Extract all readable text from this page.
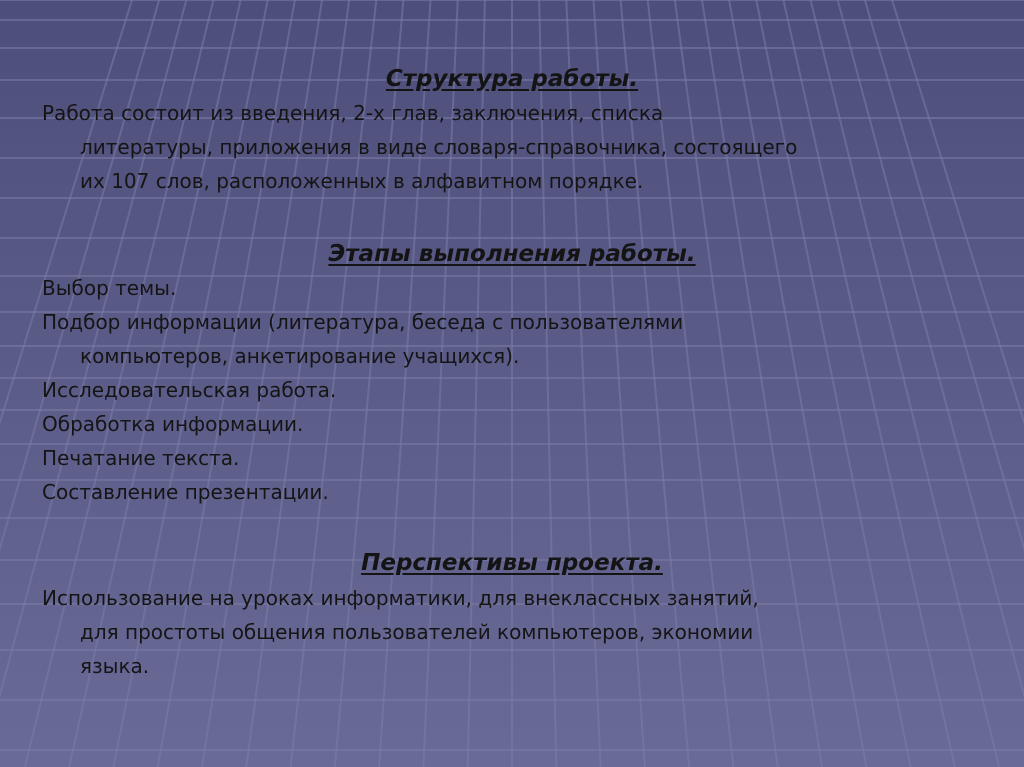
Структура работы.
Работа состоит из введения, 2-х глав, заключения, списка
литературы, приложения в виде словаря-справочника, состоящего
их 107 слов, расположенных в алфавитном порядке.
Этапы выполнения работы.
Выбор темы.
Подбор информации (литература, беседа с пользователями
компьютеров, анкетирование учащихся).
Исследовательская работа.
Обработка информации.
Печатание текста.
Составление презентации.
Перспективы проекта.
Использование на уроках информатики, для внеклассных занятий,
для простоты общения пользователей компьютеров, экономии
языка.
